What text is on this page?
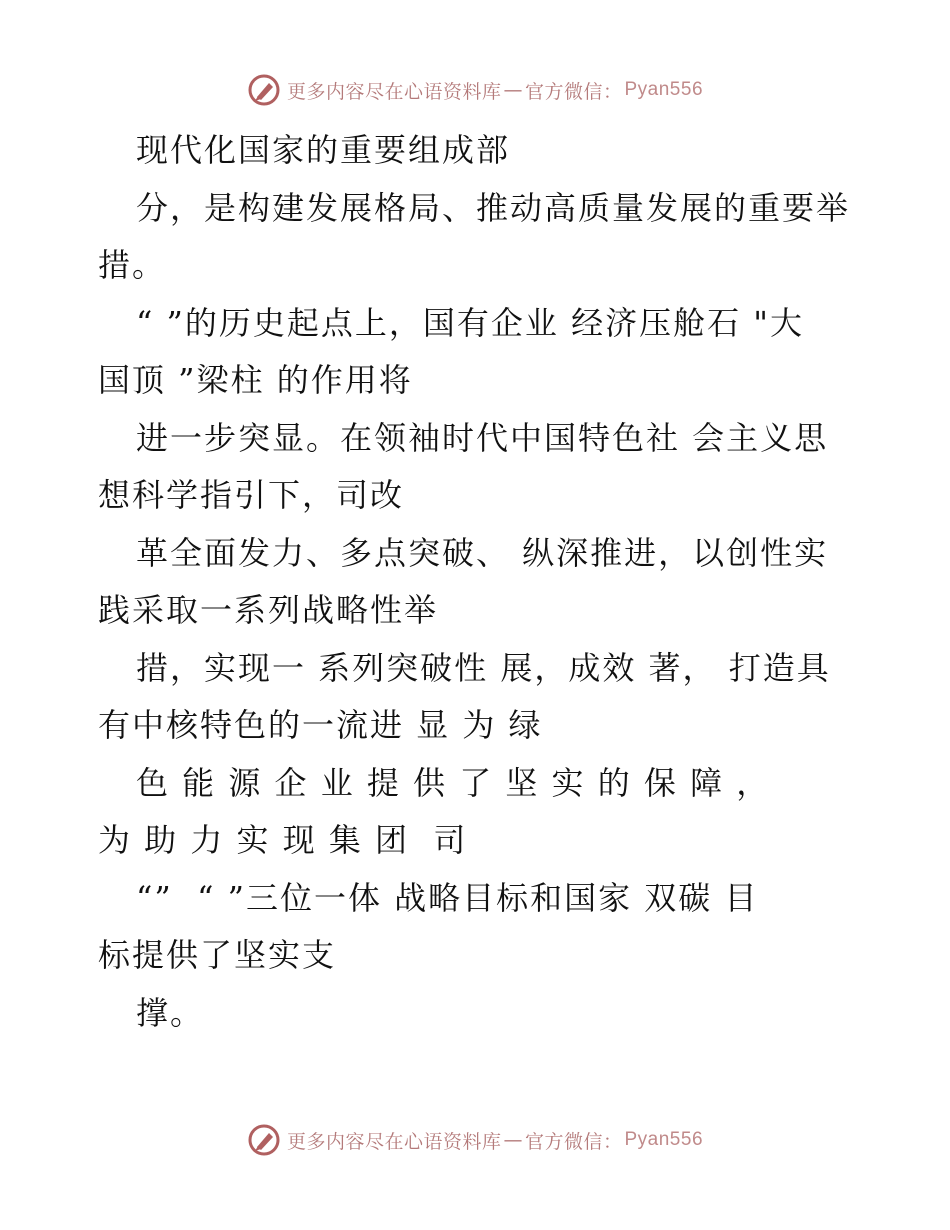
更多内容尽在心语资料库 — 官方微信： Pyan556
现代化国家的重要组成部
分，是构建发展格局、推动高质量发展的重要举
措。
“ ”的历史起点上，国有企业 经济压舱石 "大
国顶 ”梁柱 的作用将
进一步突显。在领袖时代中国特色社 会主义思
想科学指引下，司改
革全面发力、多点突破、 纵深推进，以创性实
践采取一系列战略性举
措，实现一 系列突破性 展，成效 著， 打造具
有中核特色的一流进 显 为 绿
色 能 源 企 业 提 供 了 坚 实 的 保 障 ，
为 助 力 实 现 集 团  司
“”  “ ”三位一体 战略目标和国家 双碳 目
标提供了坚实支
撑。
更多内容尽在心语资料库 — 官方微信： Pyan556
